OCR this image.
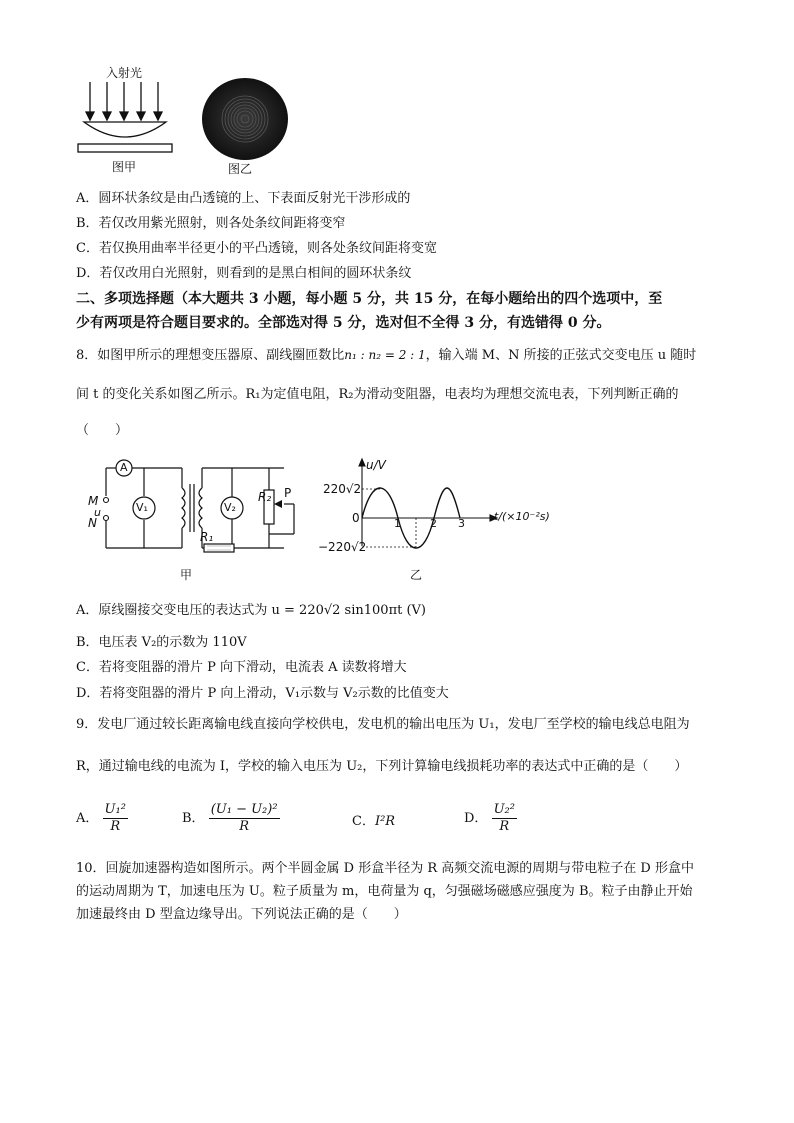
入射光
图甲	图乙
A．圆环状条纹是由凸透镜的上、下表面反射光干涉形成的
B．若仅改用紫光照射，则各处条纹间距将变窄
C．若仅换用曲率半径更小的平凸透镜，则各处条纹间距将变宽
D．若仅改用白光照射，则看到的是黑白相间的圆环状条纹
二、多项选择题（本大题共 3 小题，每小题 5 分，共 15 分，在每小题给出的四个选项中，至
少有两项是符合题目要求的。全部选对得 5 分，选对但不全得 3 分，有选错得 0 分。
8．如图甲所示的理想变压器原、副线圈匝数比n₁ : n₂ = 2 : 1，输入端 M、N 所接的正弦式交变电压 u 随时
间 t 的变化关系如图乙所示。R₁为定值电阻，R₂为滑动变阻器，电表均为理想交流电表，下列判断正确的
（　　）
A
V₁	V₂
R₁
R₂ P
M
u
N
甲
u/V
220√2
0
−220√2
1	2 3
t/(×10⁻²s)
乙
A．原线圈接交变电压的表达式为 u = 220√2 sin100πt (V)
B．电压表 V₂的示数为 110V
C．若将变阻器的滑片 P 向下滑动，电流表 A 读数将增大
D．若将变阻器的滑片 P 向上滑动，V₁示数与 V₂示数的比值变大
9．发电厂通过较长距离输电线直接向学校供电，发电机的输出电压为 U₁，发电厂至学校的输电线总电阻为
R，通过输电线的电流为 I，学校的输入电压为 U₂，下列计算输电线损耗功率的表达式中正确的是（　　）
A． $\frac{\text{U₁²}}{R}$	B． $\frac{\text{(U₁ − U₂)²}}{R}$	C．I²R	D． $\frac{\text{U₂²}}{R}$
10．回旋加速器构造如图所示。两个半圆金属 D 形盒半径为 R 高频交流电源的周期与带电粒子在 D 形盒中
的运动周期为 T，加速电压为 U。粒子质量为 m，电荷量为 q，匀强磁场磁感应强度为 B。粒子由静止开始
加速最终由 D 型盒边缘导出。下列说法正确的是（　　）
